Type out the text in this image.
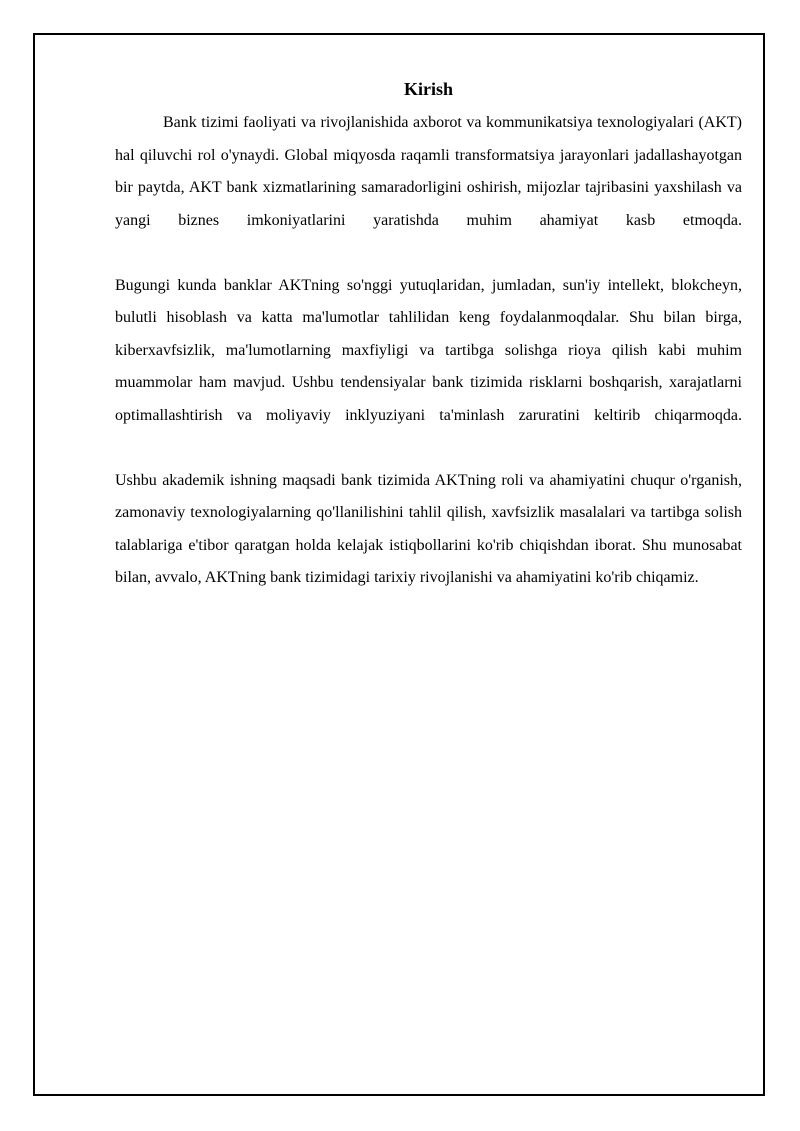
Kirish

Bank tizimi faoliyati va rivojlanishida axborot va kommunikatsiya texnologiyalari (AKT) hal qiluvchi rol o'ynaydi. Global miqyosda raqamli transformatsiya jarayonlari jadallashayotgan bir paytda, AKT bank xizmatlarining samaradorligini oshirish, mijozlar tajribasini yaxshilash va yangi biznes imkoniyatlarini yaratishda muhim ahamiyat kasb etmoqda.

Bugungi kunda banklar AKTning so'nggi yutuqlaridan, jumladan, sun'iy intellekt, blokcheyn, bulutli hisoblash va katta ma'lumotlar tahlilidan keng foydalanmoqdalar. Shu bilan birga, kiberxavfsizlik, ma'lumotlarning maxfiyligi va tartibga solishga rioya qilish kabi muhim muammolar ham mavjud. Ushbu tendensiyalar bank tizimida risklarni boshqarish, xarajatlarni optimallashtirish va moliyaviy inklyuziyani ta'minlash zaruratini keltirib chiqarmoqda.

Ushbu akademik ishning maqsadi bank tizimida AKTning roli va ahamiyatini chuqur o'rganish, zamonaviy texnologiyalarning qo'llanilishini tahlil qilish, xavfsizlik masalalari va tartibga solish talablariga e'tibor qaratgan holda kelajak istiqbollarini ko'rib chiqishdan iborat. Shu munosabat bilan, avvalo, AKTning bank tizimidagi tarixiy rivojlanishi va ahamiyatini ko'rib chiqamiz.
